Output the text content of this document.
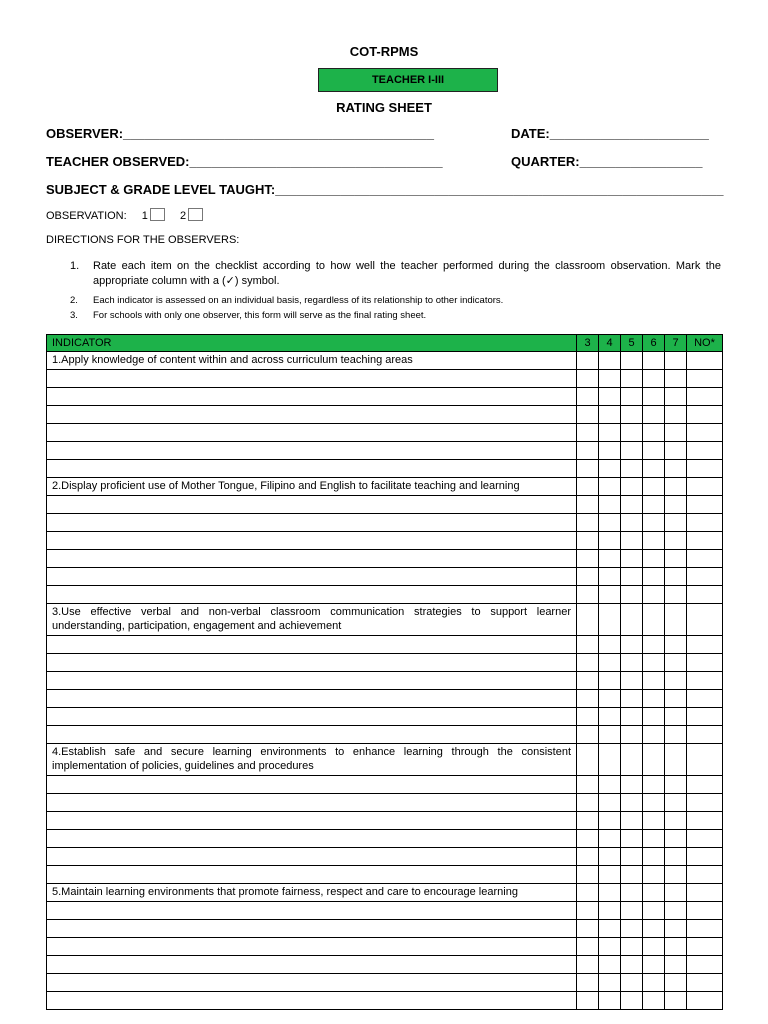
COT-RPMS
TEACHER I-III
RATING SHEET
OBSERVER:___________________________________________	DATE:______________________
TEACHER OBSERVED:___________________________________	QUARTER:_________________
SUBJECT & GRADE LEVEL TAUGHT:______________________________________________________________
OBSERVATION: 1	2
DIRECTIONS FOR THE OBSERVERS:
1. Rate each item on the checklist according to how well the teacher performed during the classroom observation. Mark the appropriate column with a (✓) symbol.
2. Each indicator is assessed on an individual basis, regardless of its relationship to other indicators.
3. For schools with only one observer, this form will serve as the final rating sheet.
INDICATOR	3	4	5	6	7	NO*
1.Apply knowledge of content within and across curriculum teaching areas						

2.Display proficient use of Mother Tongue, Filipino and English to facilitate teaching and learning						

3.Use effective verbal and non-verbal classroom communication strategies to support learner understanding, participation, engagement and achievement						

4.Establish safe and secure learning environments to enhance learning through the consistent implementation of policies, guidelines and procedures						

5.Maintain learning environments that promote fairness, respect and care to encourage learning						
